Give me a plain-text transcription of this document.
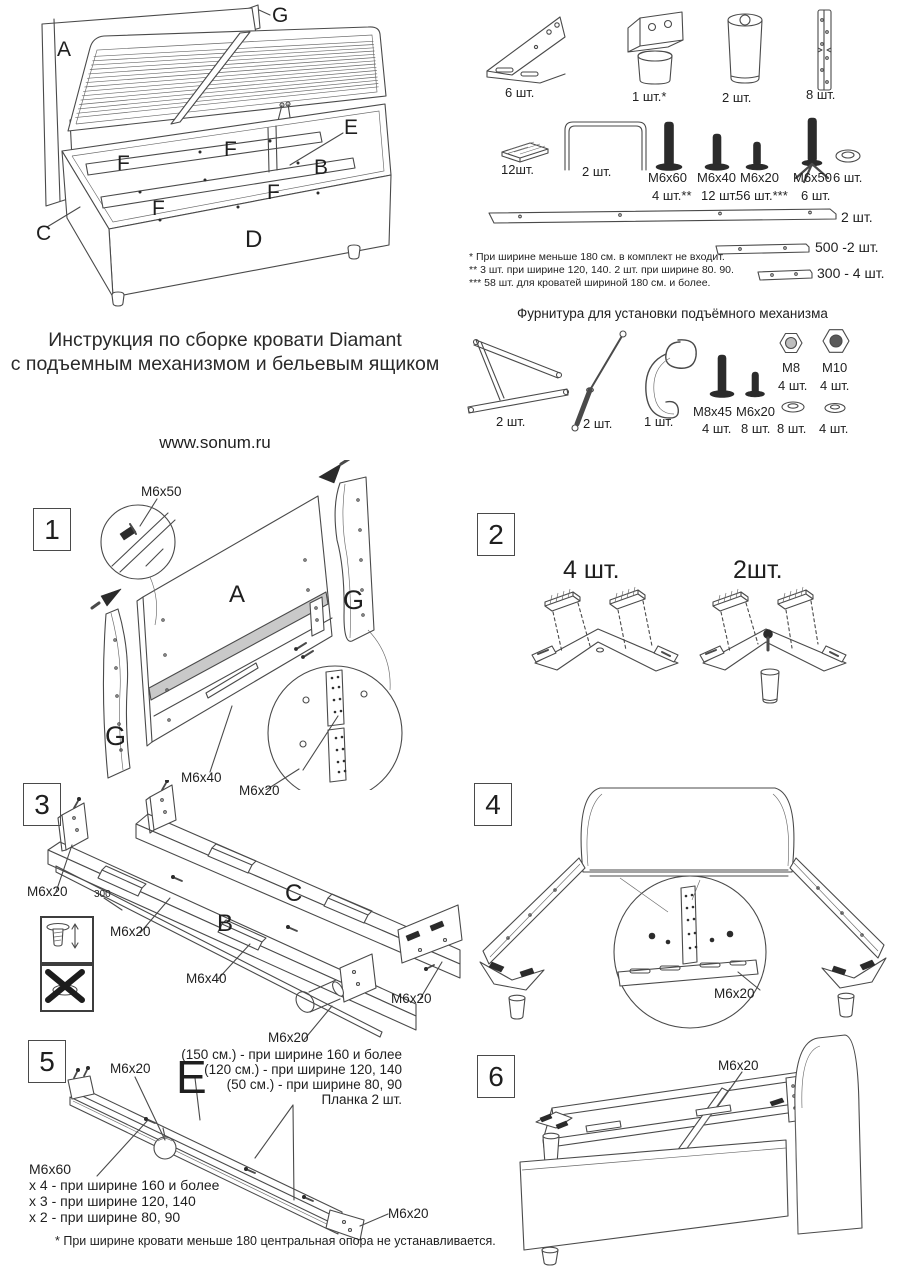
G
A
E
F
F	B
F
F
C	D
6 шт.	1 шт.*	2 шт.	8 шт.
12шт.	2 шт.	M6x60
4 шт.**
M6x40
12 шт.
M6x20
56 шт.***
M6x50
6 шт.
6 шт.
2 шт.
500 -2 шт.
300 - 4 шт.
* При ширине меньше 180 см. в комплект не входит.
** 3 шт. при ширине 120, 140. 2 шт. при ширине 80. 90.
*** 58 шт. для кроватей шириной 180 см. и более.
Фурнитура для установки подъёмного механизма
2 шт.	2 шт. 1 шт.
M8x45
4 шт.
M6x20
8 шт.
M8
4 шт.
M10
4 шт.
8 шт. 4 шт.
Инструкция по сборке кровати Diamant
с подъемным механизмом и бельевым ящиком
www.sonum.ru
1
M6x50
A	G
G
M6x40
M6x20
2
4 шт.	2шт.
3
M6x20	300
M6x20	B
C
M6x40
M6x20
M6x20
4
M6x20
5	M6x20 E
(150 см.) - при ширине 160 и более
(120 см.) - при ширине 120, 140
(50 см.) - при ширине 80, 90
Планка 2 шт.
M6x60
x 4 - при ширине 160 и более
x 3 - при ширине 120, 140
x 2 - при ширине 80, 90	M6x20
6	M6x20
* При ширине кровати меньше 180 центральная опора не устанавливается.
